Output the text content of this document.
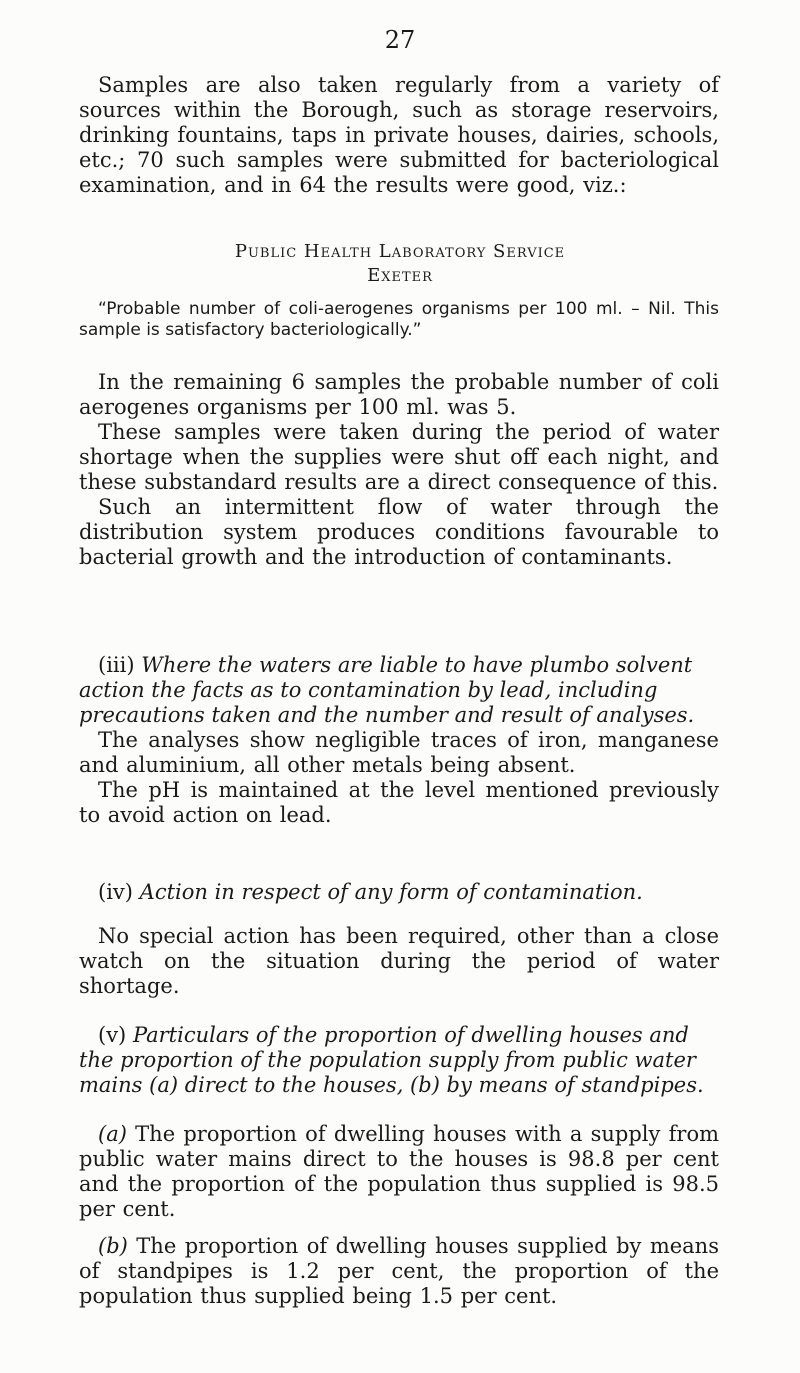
27

Samples are also taken regularly from a variety of sources within the Borough, such as storage reservoirs, drinking fountains, taps in private houses, dairies, schools, etc.; 70 such samples were submitted for bacteriological examination, and in 64 the results were good, viz.:

Public Health Laboratory Service
Exeter
“Probable number of coli-aerogenes organisms per 100 ml. – Nil. This sample is satisfactory bacteriologically.”

In the remaining 6 samples the probable number of coli aerogenes organisms per 100 ml. was 5.

These samples were taken during the period of water shortage when the supplies were shut off each night, and these substandard results are a direct consequence of this.

Such an intermittent flow of water through the distribution system produces conditions favourable to bacterial growth and the introduction of contaminants.

(iii) Where the waters are liable to have plumbo solvent action the facts as to contamination by lead, including precautions taken and the number and result of analyses.

The analyses show negligible traces of iron, manganese and aluminium, all other metals being absent.

The pH is maintained at the level mentioned previously to avoid action on lead.

(iv) Action in respect of any form of contamination.

No special action has been required, other than a close watch on the situation during the period of water shortage.

(v) Particulars of the proportion of dwelling houses and the proportion of the population supply from public water mains (a) direct to the houses, (b) by means of standpipes.

(a) The proportion of dwelling houses with a supply from public water mains direct to the houses is 98.8 per cent and the proportion of the population thus supplied is 98.5 per cent.

(b) The proportion of dwelling houses supplied by means of standpipes is 1.2 per cent, the proportion of the population thus supplied being 1.5 per cent.
